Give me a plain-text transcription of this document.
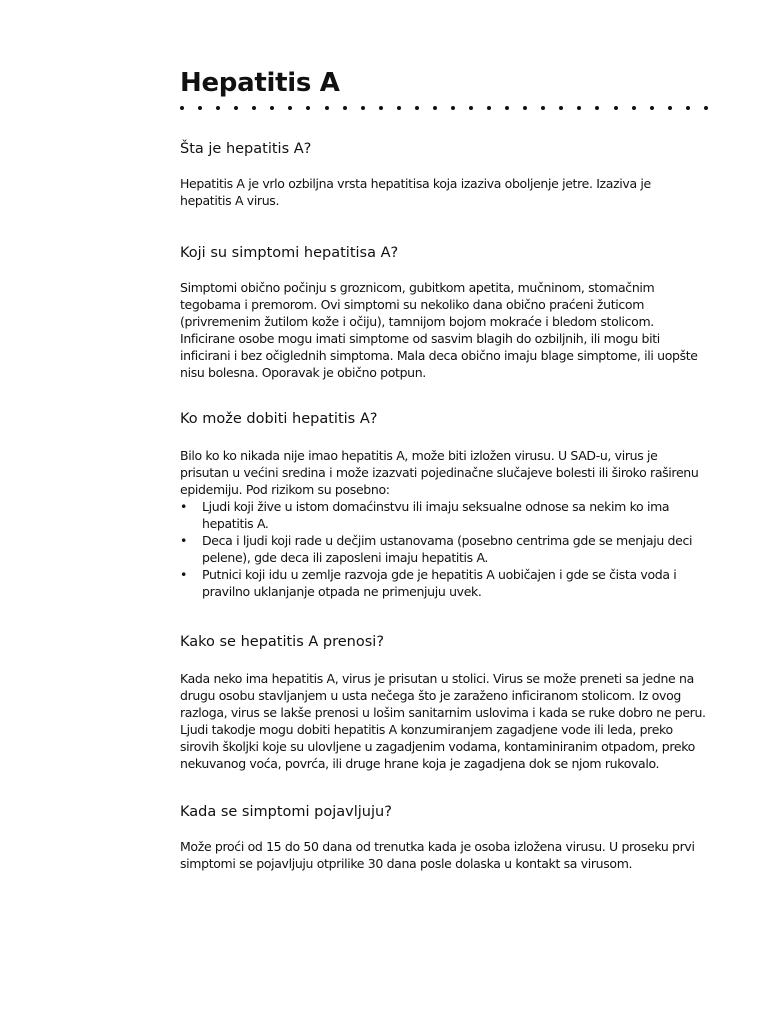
Hepatitis A
Šta je hepatitis A?

Hepatitis A je vrlo ozbiljna vrsta hepatitisa koja izaziva oboljenje jetre. Izaziva je
hepatitis A virus.

Koji su simptomi hepatitisa A?

Simptomi obično počinju s groznicom, gubitkom apetita, mučninom, stomačnim
tegobama i premorom. Ovi simptomi su nekoliko dana obično praćeni žuticom
(privremenim žutilom kože i očiju), tamnijom bojom mokraće i bledom stolicom.
Inficirane osobe mogu imati simptome od sasvim blagih do ozbiljnih, ili mogu biti
inficirani i bez očiglednih simptoma. Mala deca obično imaju blage simptome, ili uopšte
nisu bolesna. Oporavak je obično potpun.

Ko može dobiti hepatitis A?

Bilo ko ko nikada nije imao hepatitis A, može biti izložen virusu. U SAD-u, virus je
prisutan u većini sredina i može izazvati pojedinačne slučajeve bolesti ili široko raširenu
epidemiju. Pod rizikom su posebno:

• Ljudi koji žive u istom domaćinstvu ili imaju seksualne odnose sa nekim ko ima
hepatitis A.
• Deca i ljudi koji rade u dečjim ustanovama (posebno centrima gde se menjaju deci
pelene), gde deca ili zaposleni imaju hepatitis A.
• Putnici koji idu u zemlje razvoja gde je hepatitis A uobičajen i gde se čista voda i
pravilno uklanjanje otpada ne primenjuju uvek.
Kako se hepatitis A prenosi?

Kada neko ima hepatitis A, virus je prisutan u stolici. Virus se može preneti sa jedne na
drugu osobu stavljanjem u usta nečega što je zaraženo inficiranom stolicom. Iz ovog
razloga, virus se lakše prenosi u lošim sanitarnim uslovima i kada se ruke dobro ne peru.
Ljudi takodje mogu dobiti hepatitis A konzumiranjem zagadjene vode ili leda, preko
sirovih školjki koje su ulovljene u zagadjenim vodama, kontaminiranim otpadom, preko
nekuvanog voća, povrća, ili druge hrane koja je zagadjena dok se njom rukovalo.

Kada se simptomi pojavljuju?

Može proći od 15 do 50 dana od trenutka kada je osoba izložena virusu. U proseku prvi
simptomi se pojavljuju otprilike 30 dana posle dolaska u kontakt sa virusom.
